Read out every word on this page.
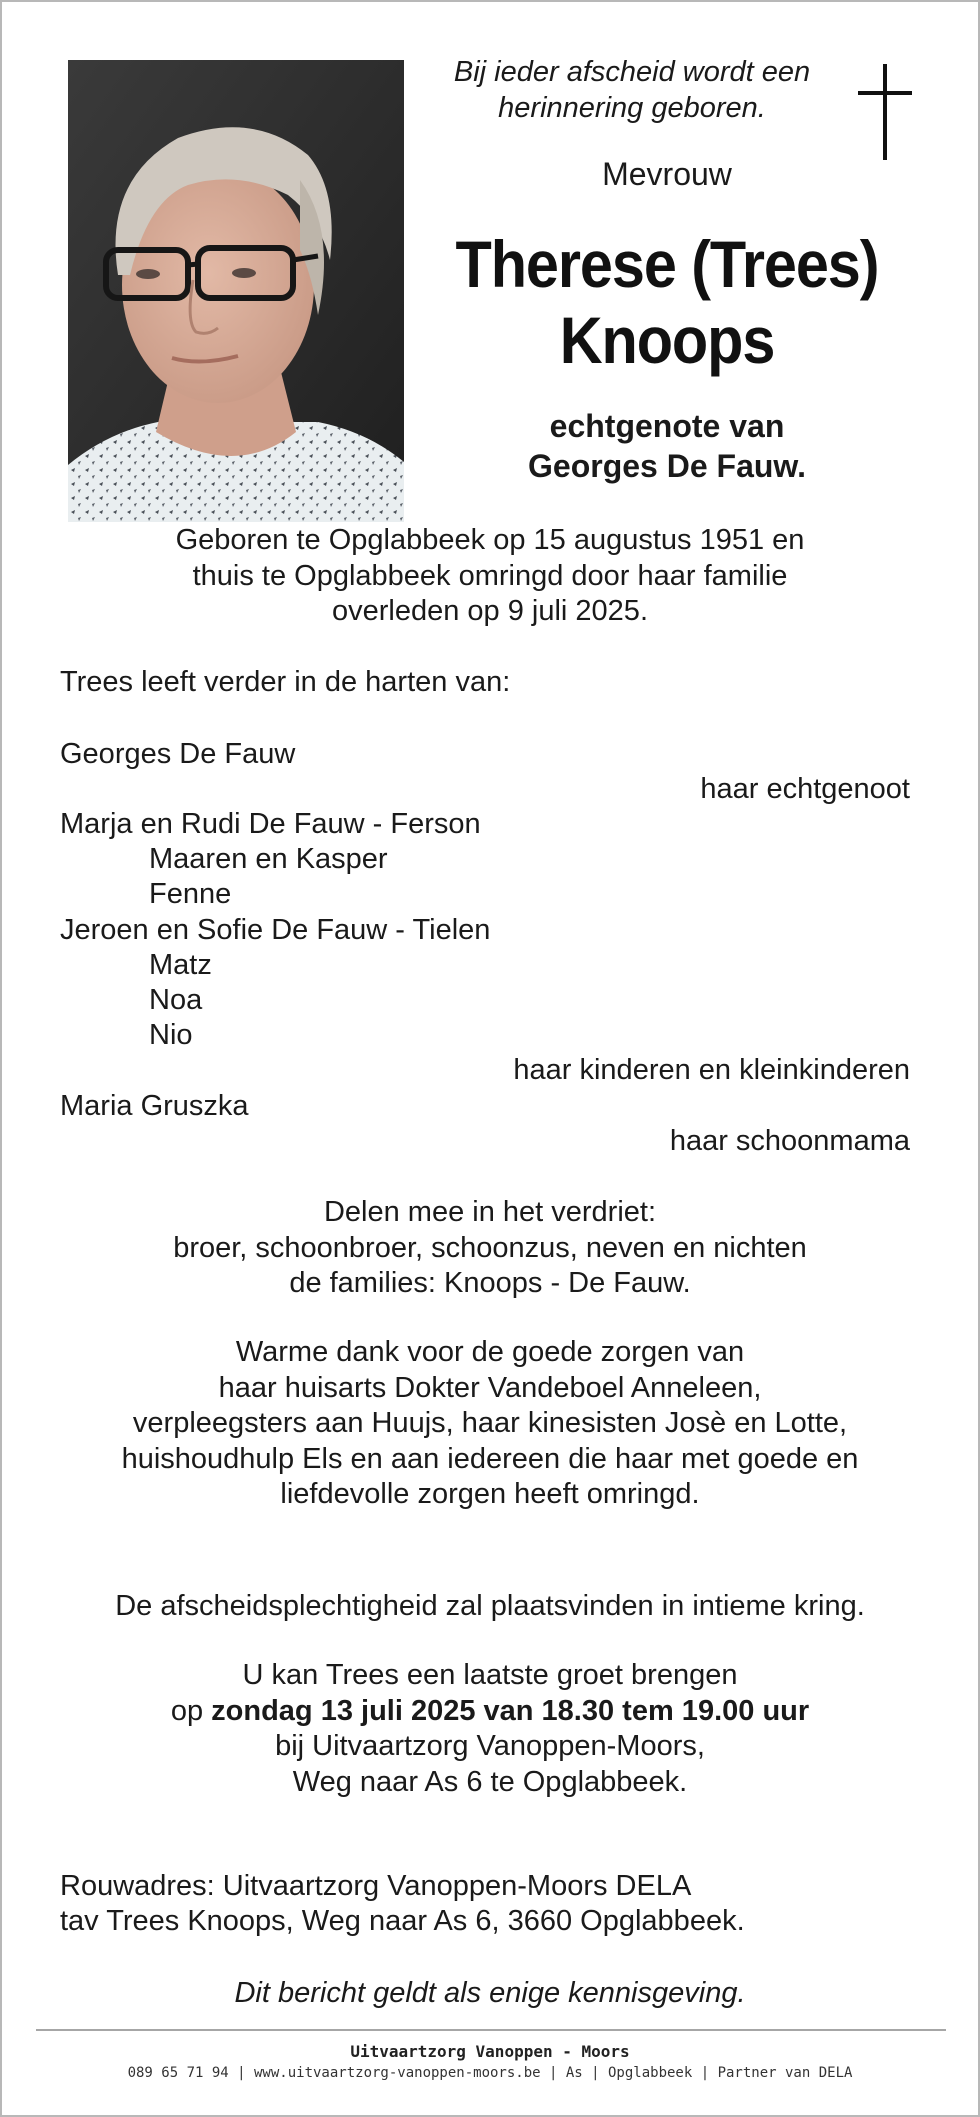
Bij ieder afscheid wordt een
herinnering geboren.
Mevrouw
Therese (Trees)
Knoops
echtgenote van
Georges De Fauw.
Geboren te Opglabbeek op 15 augustus 1951 en
thuis te Opglabbeek omringd door haar familie
overleden op 9 juli 2025.
Trees leeft verder in de harten van:
Georges De Fauw
haar echtgenoot
Marja en Rudi De Fauw - Ferson
Maaren en Kasper
Fenne
Jeroen en Sofie De Fauw - Tielen
Matz
Noa
Nio
haar kinderen en kleinkinderen
Maria Gruszka
haar schoonmama
Delen mee in het verdriet:
broer, schoonbroer, schoonzus, neven en nichten
de families: Knoops - De Fauw.
Warme dank voor de goede zorgen van
haar huisarts Dokter Vandeboel Anneleen,
verpleegsters aan Huujs, haar kinesisten Josè en Lotte,
huishoudhulp Els en aan iedereen die haar met goede en
liefdevolle zorgen heeft omringd.
De afscheidsplechtigheid zal plaatsvinden in intieme kring.
U kan Trees een laatste groet brengen
op zondag 13 juli 2025 van 18.30 tem 19.00 uur
bij Uitvaartzorg Vanoppen-Moors,
Weg naar As 6 te Opglabbeek.
Rouwadres: Uitvaartzorg Vanoppen-Moors DELA
tav Trees Knoops, Weg naar As 6, 3660 Opglabbeek.
Dit bericht geldt als enige kennisgeving.
Uitvaartzorg Vanoppen - Moors
089 65 71 94 | www.uitvaartzorg-vanoppen-moors.be | As | Opglabbeek | Partner van DELA
